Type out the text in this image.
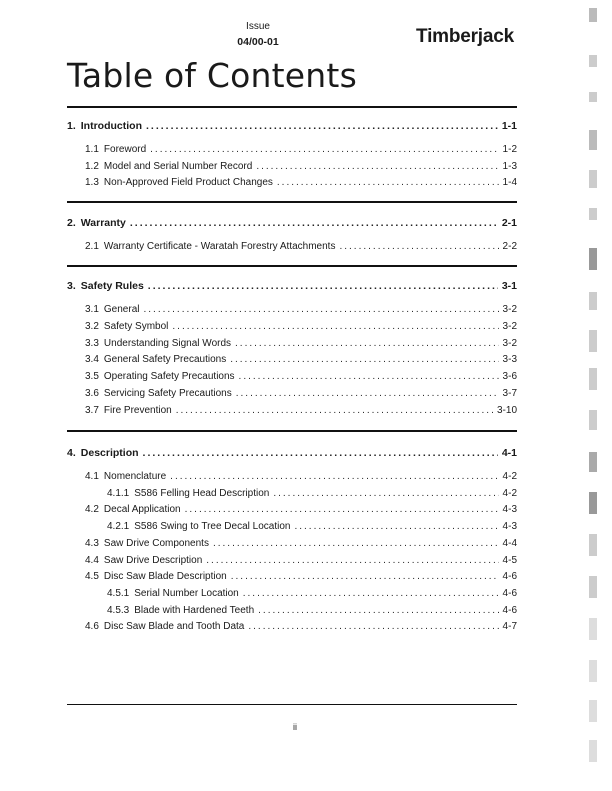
Issue
04/00-01	Timberjack
Table of Contents
1. Introduction .....	1-1
1.1 Foreword .....	1-2
1.2 Model and Serial Number Record .....	1-3
1.3 Non-Approved Field Product Changes .....	1-4
2. Warranty .....	2-1
2.1 Warranty Certificate - Waratah Forestry Attachments .....	2-2
3. Safety Rules .....	3-1
3.1 General .....	3-2
3.2 Safety Symbol .....	3-2
3.3 Understanding Signal Words .....	3-2
3.4 General Safety Precautions .....	3-3
3.5 Operating Safety Precautions .....	3-6
3.6 Servicing Safety Precautions .....	3-7
3.7 Fire Prevention .....	3-10
4. Description .....	4-1
4.1 Nomenclature .....	4-2
4.1.1 S586 Felling Head Description .....	4-2
4.2 Decal Application .....	4-3
4.2.1 S586 Swing to Tree Decal Location .....	4-3
4.3 Saw Drive Components .....	4-4
4.4 Saw Drive Description .....	4-5
4.5 Disc Saw Blade Description .....	4-6
4.5.1 Serial Number Location .....	4-6
4.5.3 Blade with Hardened Teeth .....	4-6
4.6 Disc Saw Blade and Tooth Data .....	4-7
ii
